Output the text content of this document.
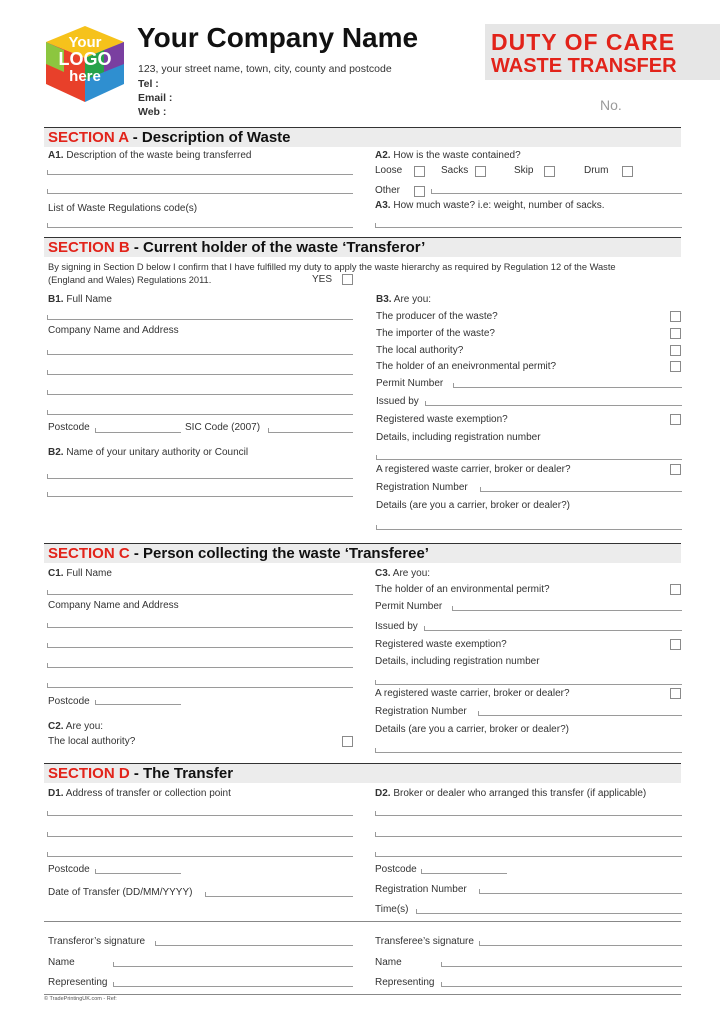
Your
LOGO
here
Your Company Name
123, your street name, town, city, county and postcode
Tel :
Email :
Web :
DUTY OF CARE
WASTE TRANSFER
No.
SECTION A - Description of Waste
A1. Description of the waste being transferred
List of Waste Regulations code(s)
A2. How is the waste contained?
Loose	Sacks	Skip	Drum
Other
A3. How much waste? i.e: weight, number of sacks.
SECTION B - Current holder of the waste ‘Transferor’
By signing in Section D below I confirm that I have fulfilled my duty to apply the waste hierarchy as required by Regulation 12 of the Waste
(England and Wales) Regulations 2011.	YES
B1. Full Name
Company Name and Address
Postcode	SIC Code (2007)
B2. Name of your unitary authority or Council
B3. Are you:
The producer of the waste?
The importer of the waste?
The local authority?
The holder of an eneivronmental permit?
Permit Number
Issued by
Registered waste exemption?
Details, including registration number
A registered waste carrier, broker or dealer?
Registration Number
Details (are you a carrier, broker or dealer?)
SECTION C - Person collecting the waste ‘Transferee’
C1. Full Name
Company Name and Address
Postcode
C2. Are you:
The local authority?
C3. Are you:
The holder of an environmental permit?
Permit Number
Issued by
Registered waste exemption?
Details, including registration number
A registered waste carrier, broker or dealer?
Registration Number
Details (are you a carrier, broker or dealer?)
SECTION D - The Transfer
D1. Address of transfer or collection point
Postcode
Date of Transfer (DD/MM/YYYY)
D2. Broker or dealer who arranged this transfer (if applicable)
Postcode
Registration Number
Time(s)
Transferor’s signature
Name
Representing
Transferee’s signature
Name
Representing
© TradePrintingUK.com - Ref:
